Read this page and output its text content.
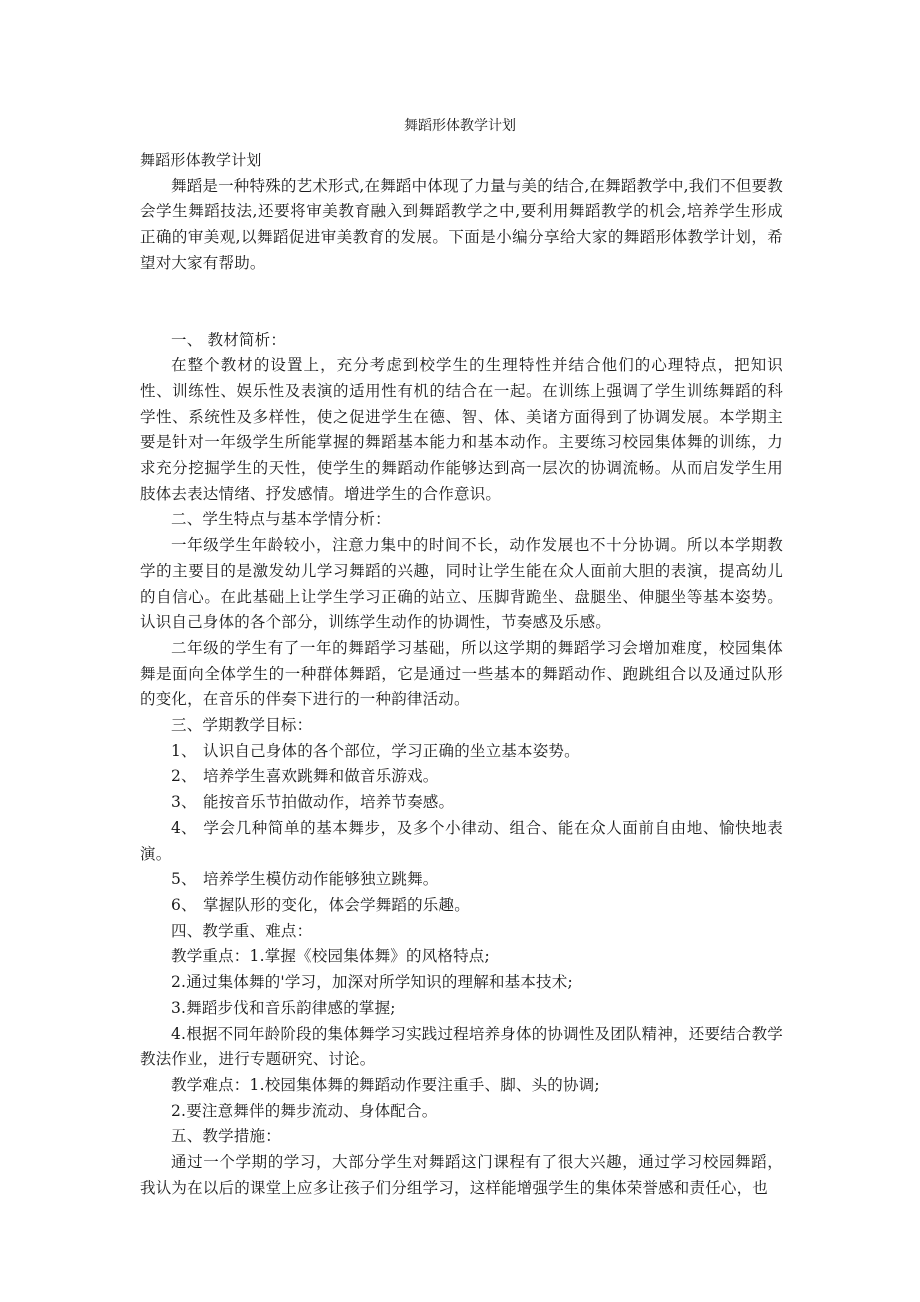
舞蹈形体教学计划

舞蹈形体教学计划

舞蹈是一种特殊的艺术形式,在舞蹈中体现了力量与美的结合,在舞蹈教学中,我们不但要教会学生舞蹈技法,还要将审美教育融入到舞蹈教学之中,要利用舞蹈教学的机会,培养学生形成正确的审美观,以舞蹈促进审美教育的发展。下面是小编分享给大家的舞蹈形体教学计划，希望对大家有帮助。

一、 教材简析：

在整个教材的设置上，充分考虑到校学生的生理特性并结合他们的心理特点，把知识性、训练性、娱乐性及表演的适用性有机的结合在一起。在训练上强调了学生训练舞蹈的科学性、系统性及多样性，使之促进学生在德、智、体、美诸方面得到了协调发展。本学期主要是针对一年级学生所能掌握的舞蹈基本能力和基本动作。主要练习校园集体舞的训练，力求充分挖掘学生的天性，使学生的舞蹈动作能够达到高一层次的协调流畅。从而启发学生用肢体去表达情绪、抒发感情。增进学生的合作意识。

二、学生特点与基本学情分析：

一年级学生年龄较小，注意力集中的时间不长，动作发展也不十分协调。所以本学期教学的主要目的是激发幼儿学习舞蹈的兴趣，同时让学生能在众人面前大胆的表演，提高幼儿的自信心。在此基础上让学生学习正确的站立、压脚背跪坐、盘腿坐、伸腿坐等基本姿势。认识自己身体的各个部分，训练学生动作的协调性，节奏感及乐感。

二年级的学生有了一年的舞蹈学习基础，所以这学期的舞蹈学习会增加难度，校园集体舞是面向全体学生的一种群体舞蹈，它是通过一些基本的舞蹈动作、跑跳组合以及通过队形的变化，在音乐的伴奏下进行的一种韵律活动。

三、学期教学目标：

1、 认识自己身体的各个部位，学习正确的坐立基本姿势。

2、 培养学生喜欢跳舞和做音乐游戏。

3、 能按音乐节拍做动作，培养节奏感。

4、 学会几种简单的基本舞步，及多个小律动、组合、能在众人面前自由地、愉快地表演。

5、 培养学生模仿动作能够独立跳舞。

6、 掌握队形的变化，体会学舞蹈的乐趣。

四、教学重、难点：

教学重点：1.掌握《校园集体舞》的风格特点;

2.通过集体舞的'学习，加深对所学知识的理解和基本技术;

3.舞蹈步伐和音乐韵律感的掌握;

4.根据不同年龄阶段的集体舞学习实践过程培养身体的协调性及团队精神，还要结合教学教法作业，进行专题研究、讨论。

教学难点：1.校园集体舞的舞蹈动作要注重手、脚、头的协调;

2.要注意舞伴的舞步流动、身体配合。

五、教学措施：

通过一个学期的学习，大部分学生对舞蹈这门课程有了很大兴趣，通过学习校园舞蹈，我认为在以后的课堂上应多让孩子们分组学习，这样能增强学生的集体荣誉感和责任心，也
